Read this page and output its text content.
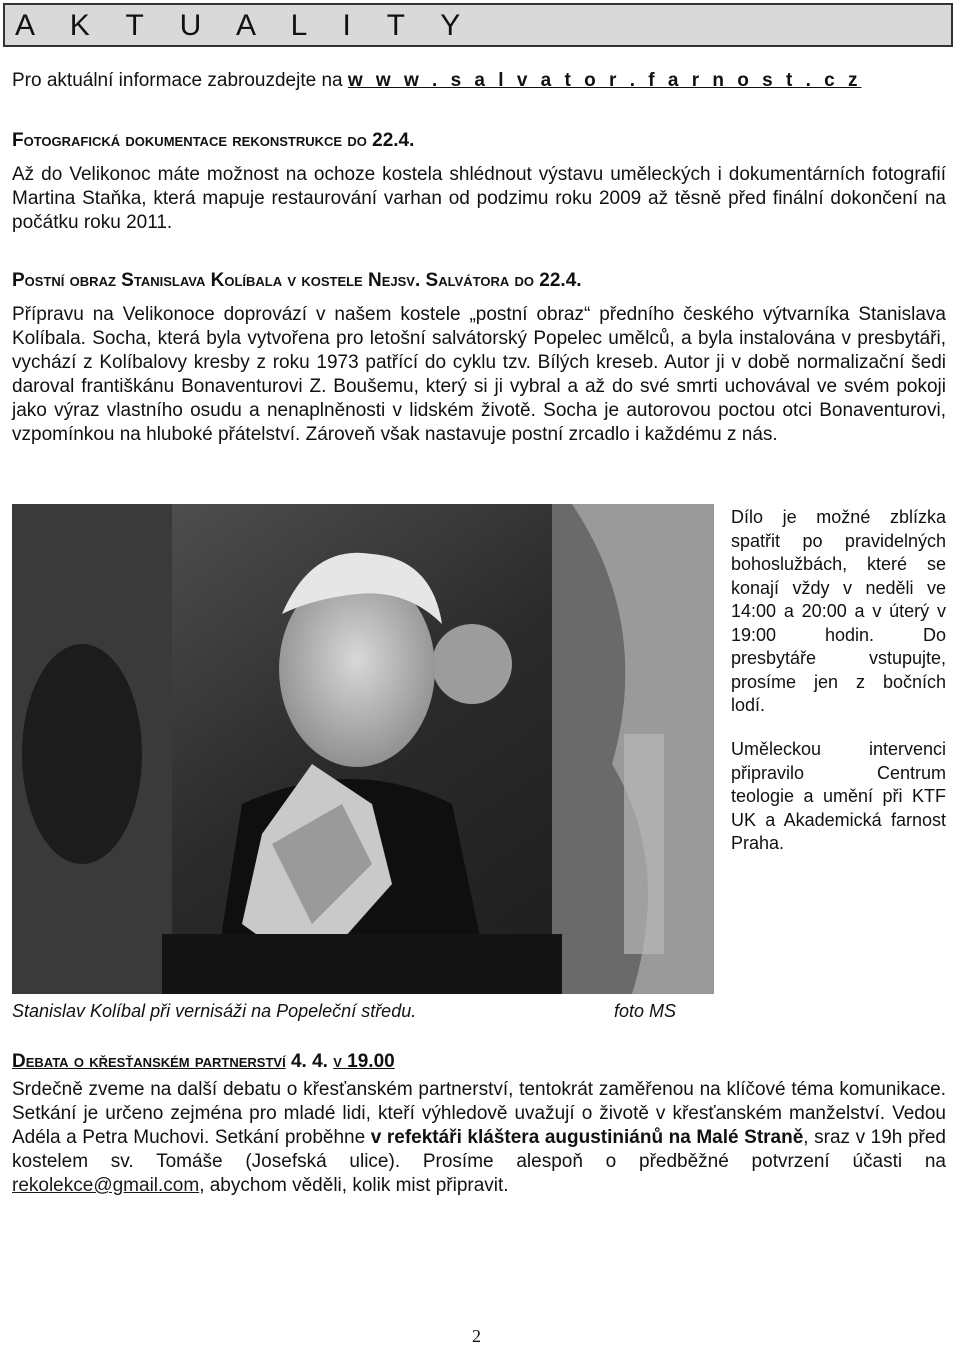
A K T U A L I T Y
Pro aktuální informace zabrouzdejte na w w w . s a l v a t o r . f a r n o s t . c z
Fotografická dokumentace rekonstrukce do 22.4.

Až do Velikonoc máte možnost na ochoze kostela shlédnout výstavu uměleckých i dokumentárních fotografií Martina Staňka, která mapuje restaurování varhan od podzimu roku 2009 až těsně před finální dokončení na počátku roku 2011.

Postní obraz Stanislava Kolíbala v kostele Nejsv. Salvátora do 22.4.

Přípravu na Velikonoce doprovází v našem kostele „postní obraz“ předního českého výtvarníka Stanislava Kolíbala. Socha, která byla vytvořena pro letošní salvátorský Popelec umělců, a byla instalována v presbytáři, vychází z Kolíbalovy kresby z roku 1973 patřící do cyklu tzv. Bílých kreseb. Autor ji v době normalizační šedi daroval františkánu Bonaventurovi Z. Boušemu, který si ji vybral a až do své smrti uchovával ve svém pokoji jako výraz vlastního osudu a nenaplněnosti v lidském životě. Socha je autorovou poctou otci Bonaventurovi, vzpomínkou na hluboké přátelství. Zároveň však nastavuje postní zrcadlo i každému z nás.

Dílo je možné zblízka spatřit po pravidelných bohoslužbách, které se konají vždy v neděli ve 14:00 a 20:00 a v úterý v 19:00 hodin. Do presbytáře vstupujte, prosíme jen z bočních lodí.

Uměleckou intervenci připravilo Centrum teologie a umění při KTF UK a Akademická farnost Praha.

Stanislav Kolíbal při vernisáži na Popeleční středu.	foto MS
Debata o křesťanském partnerství 4. 4. v 19.00

Srdečně zveme na další debatu o křesťanském partnerství, tentokrát zaměřenou na klíčové téma komunikace. Setkání je určeno zejména pro mladé lidi, kteří výhledově uvažují o životě v křesťanském manželství. Vedou Adéla a Petra Muchovi. Setkání proběhne v refektáři kláštera augustiniánů na Malé Straně, sraz v 19h před kostelem sv. Tomáše (Josefská ulice). Prosíme alespoň o předběžné potvrzení účasti na rekolekce@gmail.com, abychom věděli, kolik mist připravit.

2
